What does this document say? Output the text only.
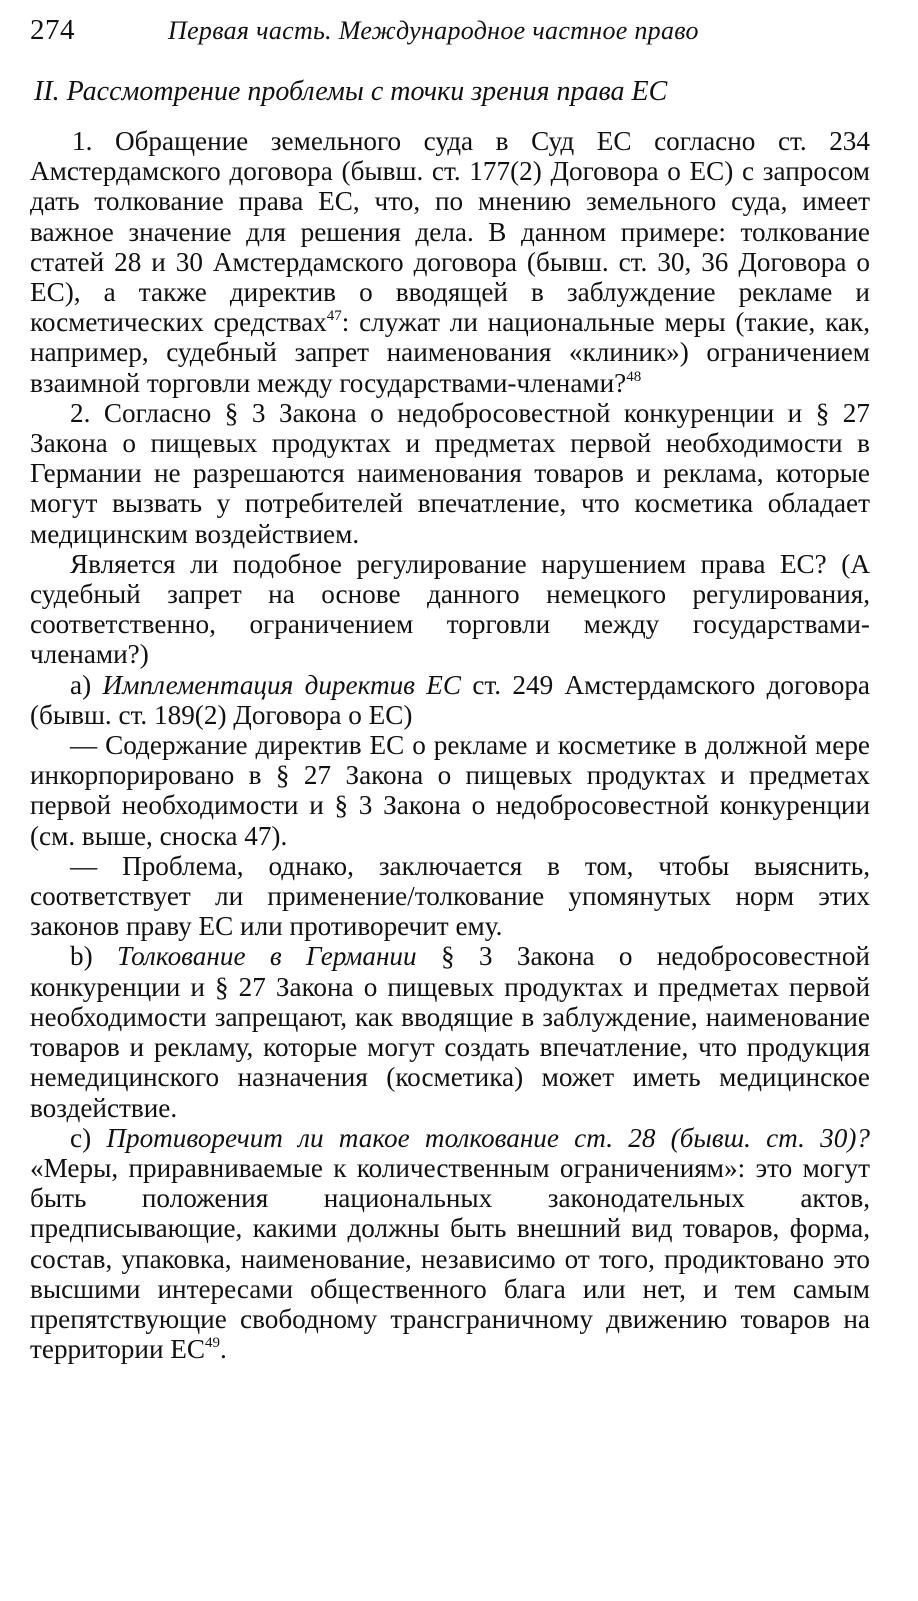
274	Первая часть. Международное частное право
II. Рассмотрение проблемы с точки зрения права ЕС

1. Обращение земельного суда в Суд ЕС согласно ст. 234 Амстердамского договора (бывш. ст. 177(2) Договора о ЕС) с запросом дать толкование права ЕС, что, по мнению земельного суда, имеет важное значение для решения дела. В данном примере: толкование статей 28 и 30 Амстердамского договора (бывш. ст. 30, 36 Договора о ЕС), а также директив о вводящей в заблуждение рекламе и косметических средствах$^{47}$: служат ли национальные меры (такие, как, например, судебный запрет наименования «клиник») ограничением взаимной торговли между государствами-членами?$^{48}$

2. Согласно § 3 Закона о недобросовестной конкуренции и § 27 Закона о пищевых продуктах и предметах первой необходимости в Германии не разрешаются наименования товаров и реклама, которые могут вызвать у потребителей впечатление, что косметика обладает медицинским воздействием.

Является ли подобное регулирование нарушением права ЕС? (А судебный запрет на основе данного немецкого регулирования, соответственно, ограничением торговли между государствами-членами?)

a) Имплементация директив ЕС ст. 249 Амстердамского договора (бывш. ст. 189(2) Договора о ЕС)

— Содержание директив ЕС о рекламе и косметике в должной мере инкорпорировано в § 27 Закона о пищевых продуктах и предметах первой необходимости и § 3 Закона о недобросовестной конкуренции (см. выше, сноска 47).

— Проблема, однако, заключается в том, чтобы выяснить, соответствует ли применение/толкование упомянутых норм этих законов праву ЕС или противоречит ему.

b) Толкование в Германии § 3 Закона о недобросовестной конкуренции и § 27 Закона о пищевых продуктах и предметах первой необходимости запрещают, как вводящие в заблуждение, наименование товаров и рекламу, которые могут создать впечатление, что продукция немедицинского назначения (косметика) может иметь медицинское воздействие.

c) Противоречит ли такое толкование ст. 28 (бывш. ст. 30)? «Меры, приравниваемые к количественным ограничениям»: это могут быть положения национальных законодательных актов, предписывающие, какими должны быть внешний вид товаров, форма, состав, упаковка, наименование, независимо от того, продиктовано это высшими интересами общественного блага или нет, и тем самым препятствующие свободному трансграничному движению товаров на территории ЕС$^{49}$.
